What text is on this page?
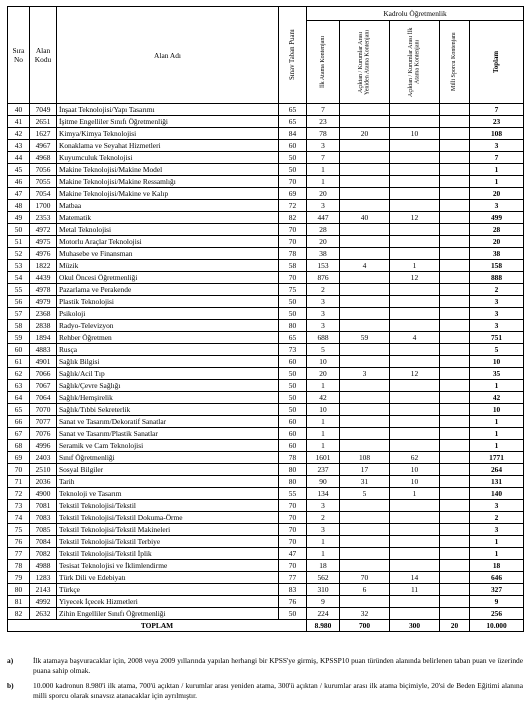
Sıra No	Alan Kodu	Alan Adı	Sınav Taban Puanı	Kadrolu Öğretmenlik				

				İlk Atama Kontenjanı	Açıktan / Kurumlar Arası Yeniden Atama Kontenjanı	Açıktan / Kurumlar Arası İlk Atama Kontenjanı	Milli Sporcu Kontenjanı	Toplam

40	7049	İnşaat Teknolojisi/Yapı Tasarımı	65	7				7
41	2651	İşitme Engelliler Sınıfı Öğretmenliği	65	23				23
42	1627	Kimya/Kimya Teknolojisi	84	78	20	10		108
43	4967	Konaklama ve Seyahat Hizmetleri	60	3				3
44	4968	Kuyumculuk Teknolojisi	50	7				7
45	7056	Makine Teknolojisi/Makine Model	50	1				1
46	7055	Makine Teknolojisi/Makine Ressamlığı	70	1				1
47	7054	Makine Teknolojisi/Makine ve Kalıp	69	20				20
48	1700	Matbaa	72	3				3
49	2353	Matematik	82	447	40	12		499
50	4972	Metal Teknolojisi	70	28				28
51	4975	Motorlu Araçlar Teknolojisi	70	20				20
52	4976	Muhasebe ve Finansman	78	38				38
53	1822	Müzik	58	153	4	1		158
54	4439	Okul Öncesi Öğretmenliği	70	876		12		888
55	4978	Pazarlama ve Perakende	75	2				2
56	4979	Plastik Teknolojisi	50	3				3
57	2368	Psikoloji	50	3				3
58	2838	Radyo-Televizyon	80	3				3
59	1894	Rehber Öğretmen	65	688	59	4		751
60	4883	Rusça	73	5				5
61	4901	Sağlık Bilgisi	60	10				10
62	7066	Sağlık/Acil Tıp	50	20	3	12		35
63	7067	Sağlık/Çevre Sağlığı	50	1				1
64	7064	Sağlık/Hemşirelik	50	42				42
65	7070	Sağlık/Tıbbi Sekreterlik	50	10				10
66	7077	Sanat ve Tasarım/Dekoratif Sanatlar	60	1				1
67	7076	Sanat ve Tasarım/Plastik Sanatlar	60	1				1
68	4996	Seramik ve Cam Teknolojisi	60	1				1
69	2403	Sınıf Öğretmenliği	78	1601	108	62		1771
70	2510	Sosyal Bilgiler	80	237	17	10		264
71	2036	Tarih	80	90	31	10		131
72	4900	Teknoloji ve Tasarım	55	134	5	1		140
73	7081	Tekstil Teknolojisi/Tekstil	70	3				3
74	7083	Tekstil Teknolojisi/Tekstil Dokuma-Örme	70	2				2
75	7085	Tekstil Teknolojisi/Tekstil Makineleri	70	3				3
76	7084	Tekstil Teknolojisi/Tekstil Terbiye	70	1				1
77	7082	Tekstil Teknolojisi/Tekstil İplik	47	1				1
78	4988	Tesisat Teknolojisi ve İklimlendirme	70	18				18
79	1283	Türk Dili ve Edebiyatı	77	562	70	14		646
80	2143	Türkçe	83	310	6	11		327
81	4992	Yiyecek İçecek Hizmetleri	76	9				9
82	2632	Zihin Engelliler Sınıfı Öğretmenliği	50	224	32			256
TOPLAM				8.980	700	300	20	10.000
a)	İlk atamaya başvuracaklar için, 2008 veya 2009 yıllarında yapılan herhangi bir KPSS'ye girmiş, KPSSP10 puan türünden alanında belirlenen taban puan ve üzerinde puana sahip olmak.
b)	10.000 kadronun 8.980'i ilk atama, 700'ü açıktan / kurumlar arası yeniden atama, 300'ü açıktan / kurumlar arası ilk atama biçimiyle, 20'si de Beden Eğitimi alanına milli sporcu olarak sınavsız atanacaklar için ayrılmıştır.
